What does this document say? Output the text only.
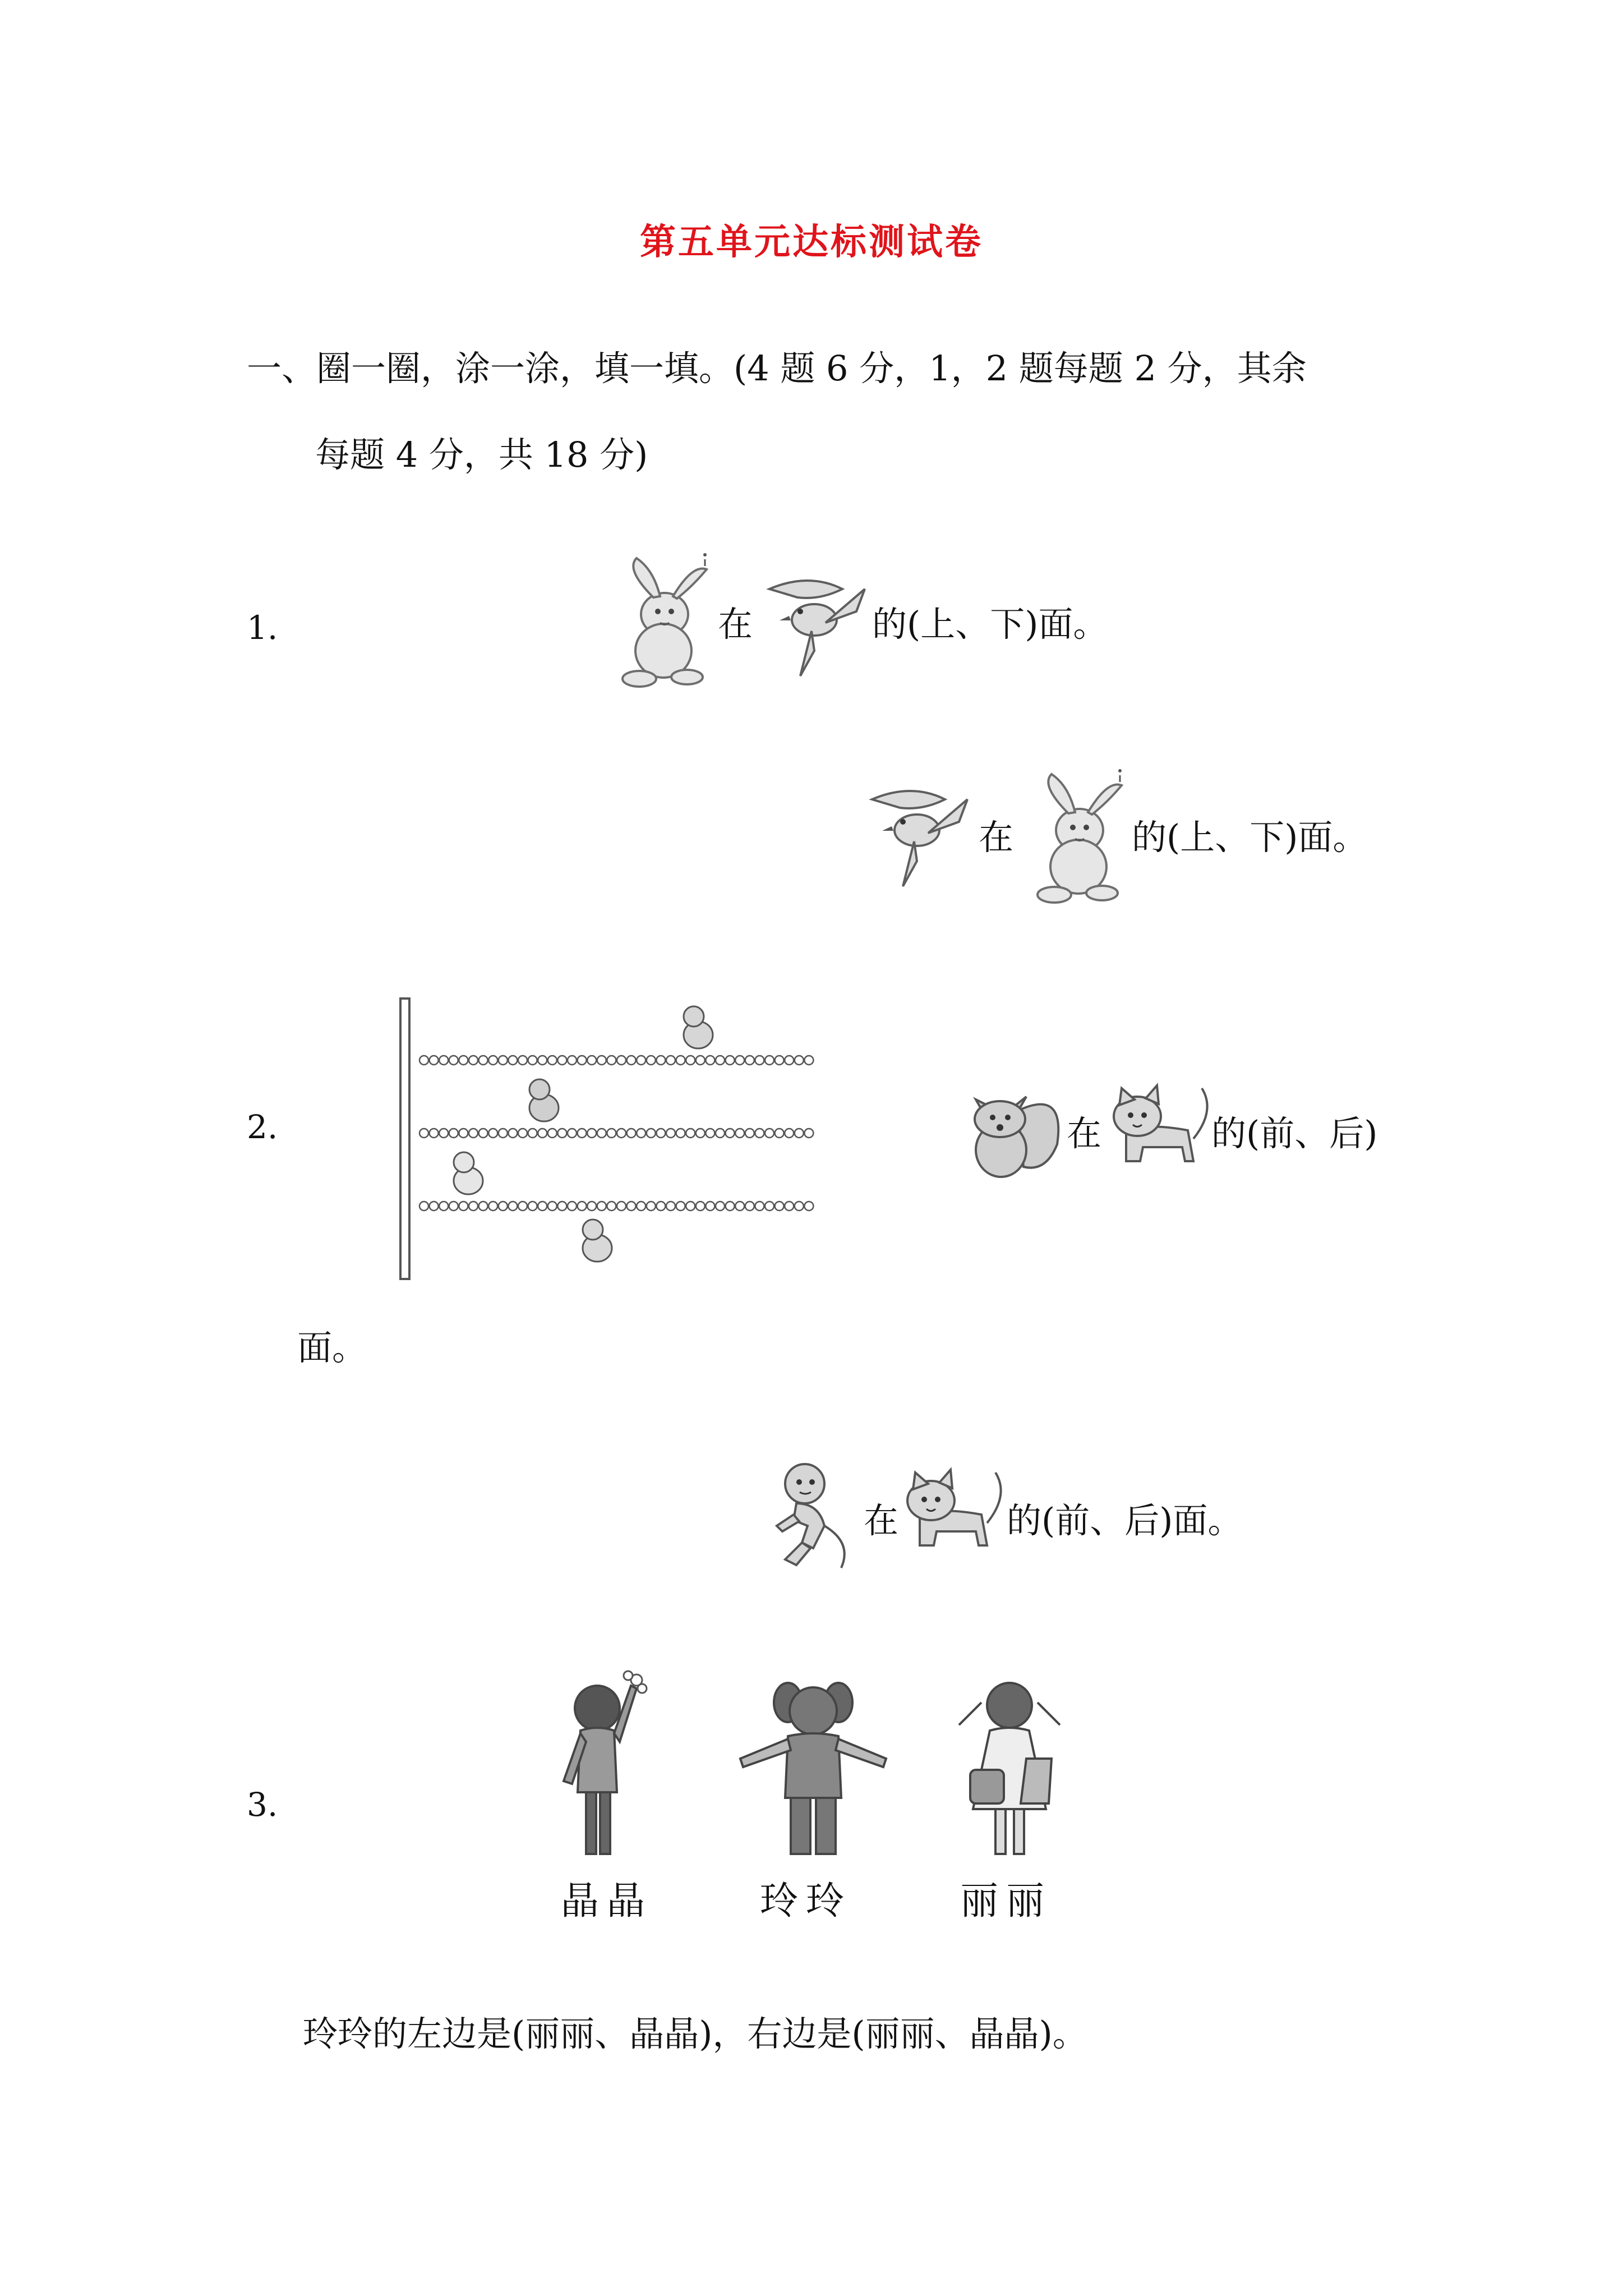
第五单元达标测试卷
一、圈一圈，涂一涂，填一填。(4 题 6 分，1，2 题每题 2 分，其余
每题 4 分，共 18 分)
1.	在	的(上、下)面。
在	的(上、下)面。
2.	在	的(前、后)
面。
在	的(前、后)面。
3.
晶晶	玲玲	丽丽
玲玲的左边是(丽丽、晶晶)，右边是(丽丽、晶晶)。
